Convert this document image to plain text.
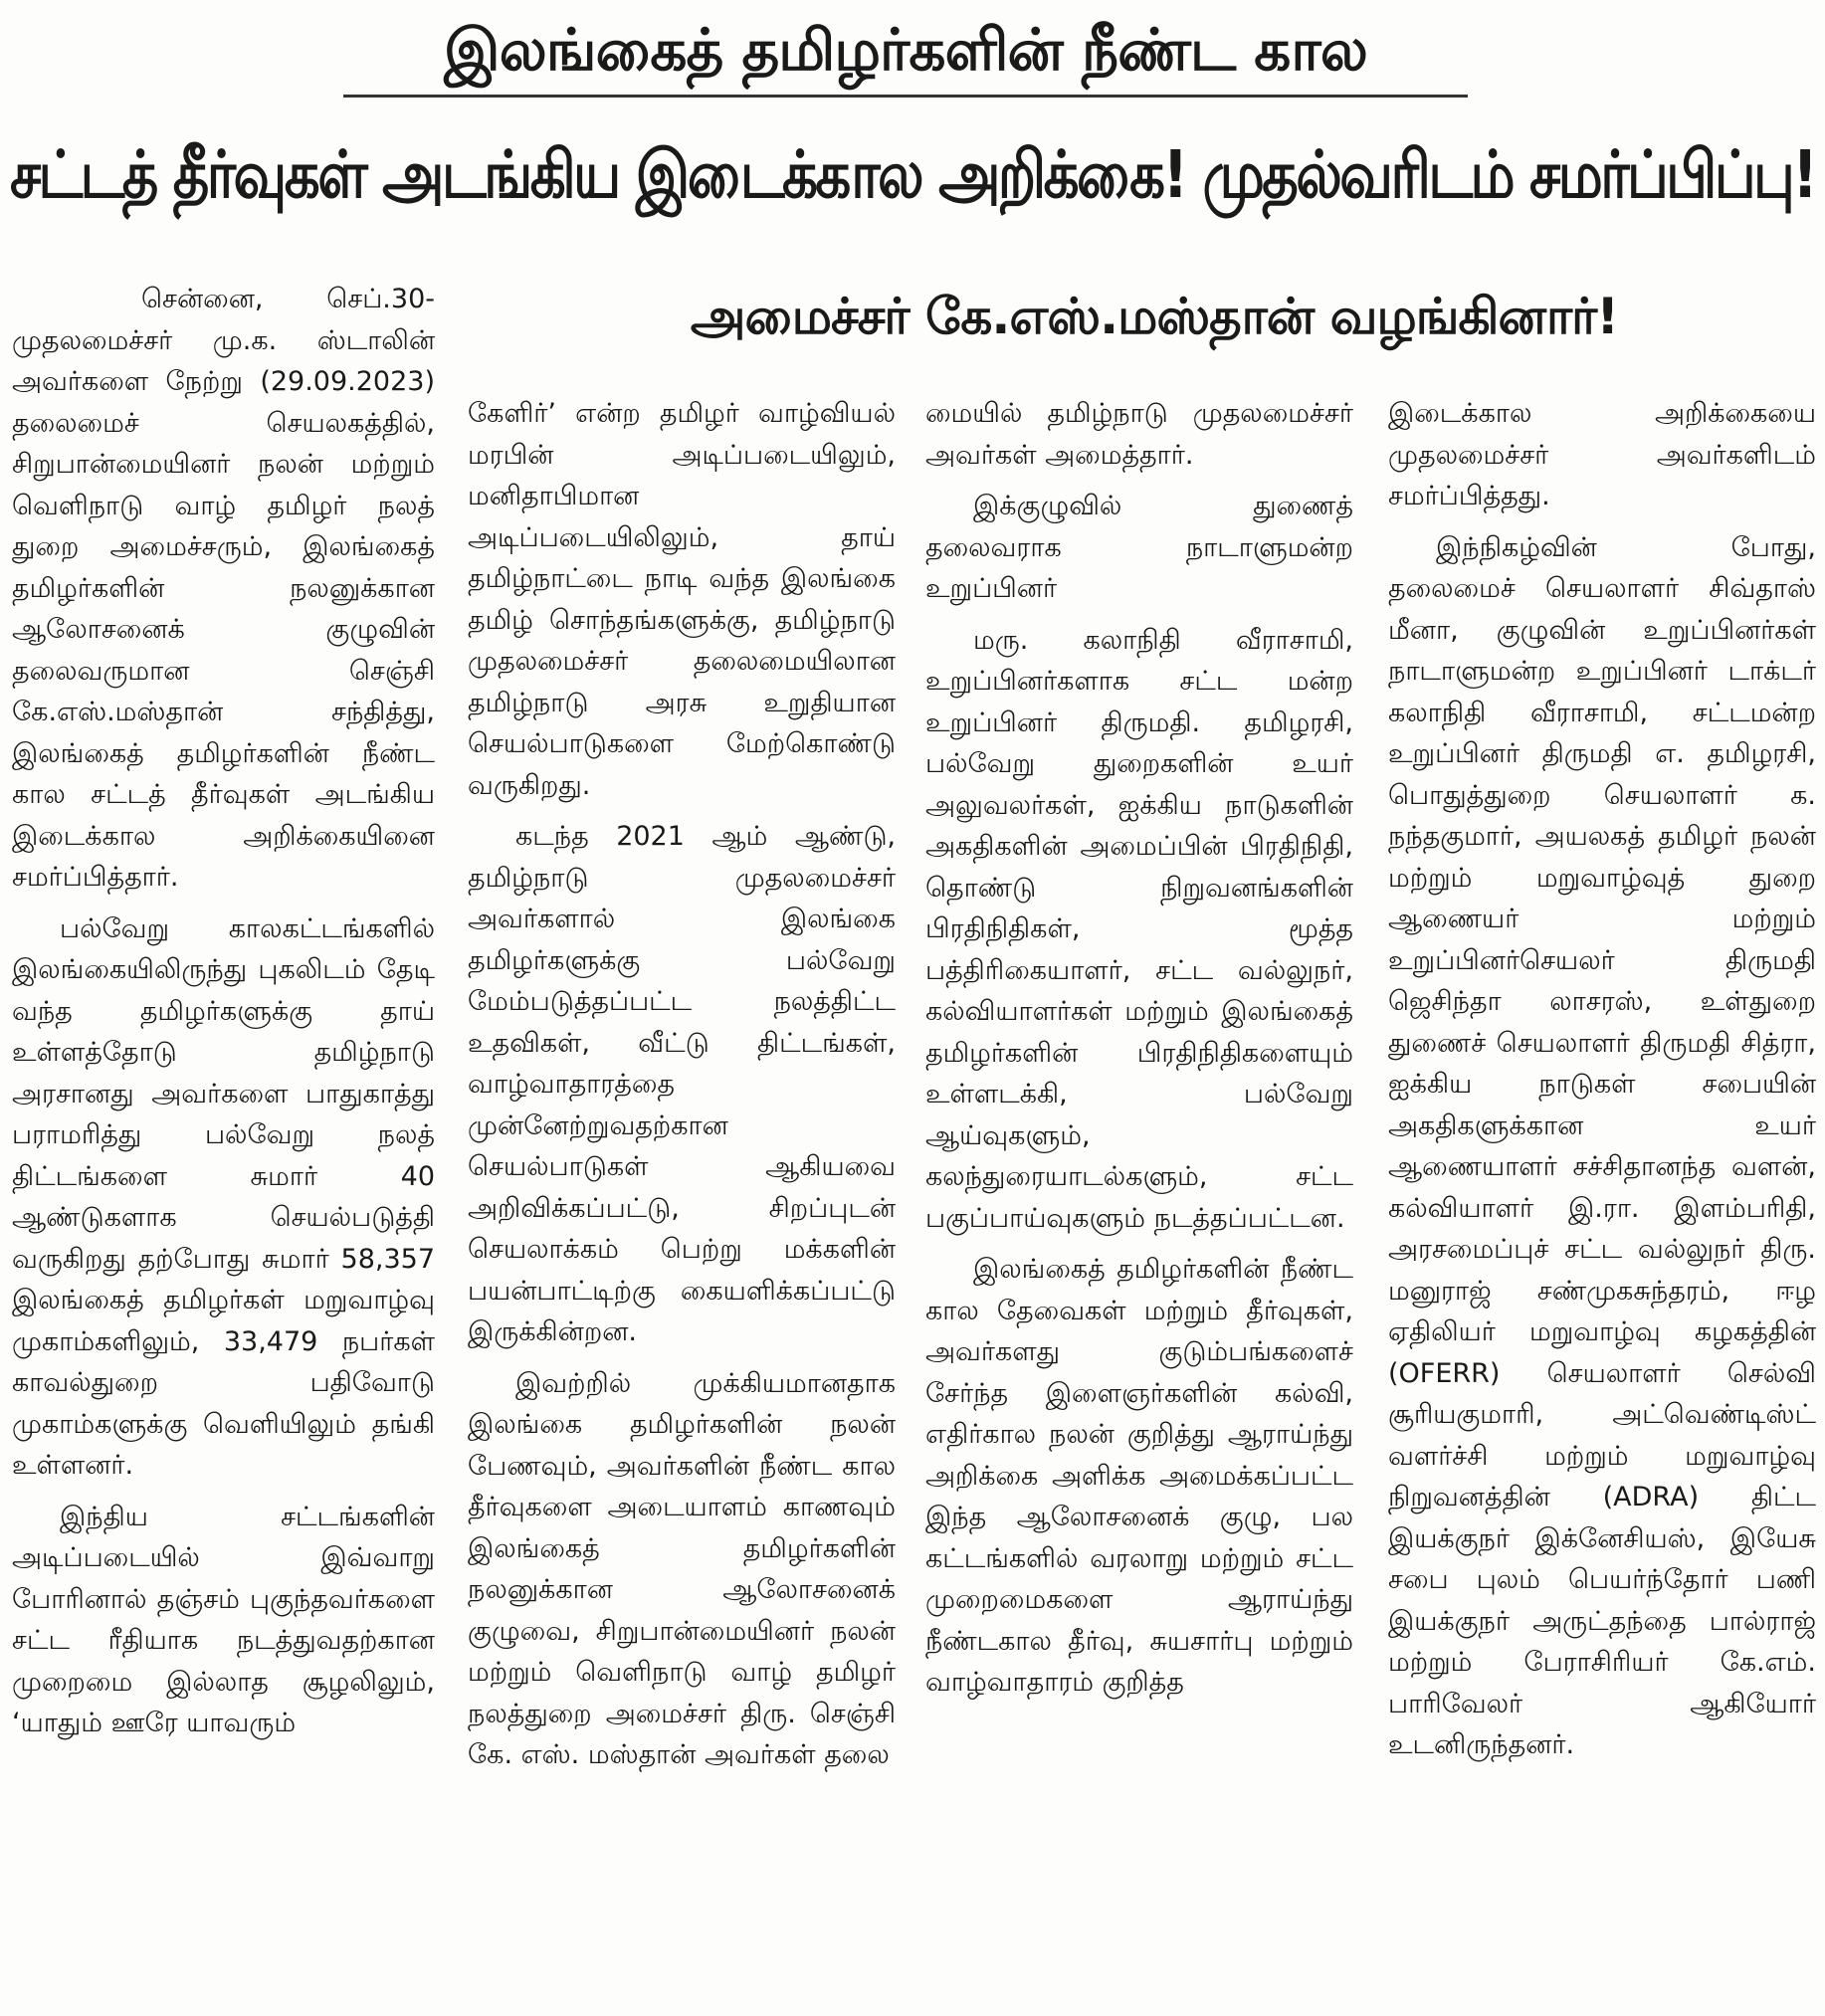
இலங்கைத் தமிழர்களின் நீண்ட கால
சட்டத் தீர்வுகள் அடங்கிய இடைக்கால அறிக்கை! முதல்வரிடம் சமர்ப்பிப்பு!
அமைச்சர் கே.எஸ்.மஸ்தான் வழங்கினார்!

சென்னை, செப்.30- முதலமைச்சர் மு.க. ஸ்டாலின் அவர்களை நேற்று (29.09.2023) தலைமைச் செயலகத்தில், சிறுபான்மையினர் நலன் மற்றும் வெளிநாடு வாழ் தமிழர் நலத் துறை அமைச்சரும், இலங்கைத் தமிழர்களின் நலனுக்கான ஆலோசனைக் குழுவின் தலைவருமான செஞ்சி கே.எஸ்.மஸ்தான் சந்தித்து, இலங்கைத் தமிழர்களின் நீண்ட கால சட்டத் தீர்வுகள் அடங்கிய இடைக்கால அறிக்கையினை சமர்ப்பித்தார்.

பல்வேறு காலகட்டங்களில் இலங்கையிலிருந்து புகலிடம் தேடி வந்த தமிழர்களுக்கு தாய் உள்ளத்தோடு தமிழ்நாடு அரசானது அவர்களை பாதுகாத்து பராமரித்து பல்வேறு நலத் திட்டங்களை சுமார் 40 ஆண்டுகளாக செயல்படுத்தி வருகிறது தற்போது சுமார் 58,357 இலங்கைத் தமிழர்கள் மறுவாழ்வு முகாம்களிலும், 33,479 நபர்கள் காவல்துறை பதிவோடு முகாம்களுக்கு வெளியிலும் தங்கி உள்ளனர்.

இந்திய சட்டங்களின் அடிப்படையில் இவ்வாறு போரினால் தஞ்சம் புகுந்தவர்களை சட்ட ரீதியாக நடத்துவதற்கான முறைமை இல்லாத சூழலிலும், ‘யாதும் ஊரே யாவரும்

கேளிர்’ என்ற தமிழர் வாழ்வியல் மரபின் அடிப்படையிலும், மனிதாபிமான அடிப்படையிலிலும், தாய் தமிழ்நாட்டை நாடி வந்த இலங்கை தமிழ் சொந்தங்களுக்கு, தமிழ்நாடு முதலமைச்சர் தலைமையிலான தமிழ்நாடு அரசு உறுதியான செயல்பாடுகளை மேற்கொண்டு வருகிறது.

கடந்த 2021 ஆம் ஆண்டு, தமிழ்நாடு முதலமைச்சர் அவர்களால் இலங்கை தமிழர்களுக்கு பல்வேறு மேம்படுத்தப்பட்ட நலத்திட்ட உதவிகள், வீட்டு திட்டங்கள், வாழ்வாதாரத்தை முன்னேற்றுவதற்கான செயல்பாடுகள் ஆகியவை அறிவிக்கப்பட்டு, சிறப்புடன் செயலாக்கம் பெற்று மக்களின் பயன்பாட்டிற்கு கையளிக்கப்பட்டு இருக்கின்றன.

இவற்றில் முக்கியமானதாக இலங்கை தமிழர்களின் நலன் பேணவும், அவர்களின் நீண்ட கால தீர்வுகளை அடையாளம் காணவும் இலங்கைத் தமிழர்களின் நலனுக்கான ஆலோசனைக் குழுவை, சிறுபான்மையினர் நலன் மற்றும் வெளிநாடு வாழ் தமிழர் நலத்துறை அமைச்சர் திரு. செஞ்சி கே. எஸ். மஸ்தான் அவர்கள் தலை

மையில் தமிழ்நாடு முதலமைச்சர் அவர்கள் அமைத்தார்.

இக்குழுவில் துணைத் தலைவராக நாடாளுமன்ற உறுப்பினர்

மரு. கலாநிதி வீராசாமி, உறுப்பினர்களாக சட்ட மன்ற உறுப்பினர் திருமதி. தமிழரசி, பல்வேறு துறைகளின் உயர் அலுவலர்கள், ஐக்கிய நாடுகளின் அகதிகளின் அமைப்பின் பிரதிநிதி, தொண்டு நிறுவனங்களின் பிரதிநிதிகள், மூத்த பத்திரிகையாளர், சட்ட வல்லுநர், கல்வியாளர்கள் மற்றும் இலங்கைத் தமிழர்களின் பிரதிநிதிகளையும் உள்ளடக்கி, பல்வேறு ஆய்வுகளும், கலந்துரையாடல்களும், சட்ட பகுப்பாய்வுகளும் நடத்தப்பட்டன.

இலங்கைத் தமிழர்களின் நீண்ட கால தேவைகள் மற்றும் தீர்வுகள், அவர்களது குடும்பங்களைச் சேர்ந்த இளைஞர்களின் கல்வி, எதிர்கால நலன் குறித்து ஆராய்ந்து அறிக்கை அளிக்க அமைக்கப்பட்ட இந்த ஆலோசனைக் குழு, பல கட்டங்களில் வரலாறு மற்றும் சட்ட முறைமைகளை ஆராய்ந்து நீண்டகால தீர்வு, சுயசார்பு மற்றும் வாழ்வாதாரம் குறித்த

இடைக்கால அறிக்கையை முதலமைச்சர் அவர்களிடம் சமர்ப்பித்தது.

இந்நிகழ்வின் போது, தலைமைச் செயலாளர் சிவ்தாஸ் மீனா, குழுவின் உறுப்பினர்கள் நாடாளுமன்ற உறுப்பினர் டாக்டர் கலாநிதி வீராசாமி, சட்டமன்ற உறுப்பினர் திருமதி எ. தமிழரசி, பொதுத்துறை செயலாளர் க. நந்தகுமார், அயலகத் தமிழர் நலன் மற்றும் மறுவாழ்வுத் துறை ஆணையர் மற்றும் உறுப்பினர்செயலர் திருமதி ஜெசிந்தா லாசரஸ், உள்துறை துணைச் செயலாளர் திருமதி சித்ரா, ஐக்கிய நாடுகள் சபையின் அகதிகளுக்கான உயர் ஆணையாளர் சச்சிதானந்த வளன், கல்வியாளர் இ.ரா. இளம்பரிதி, அரசமைப்புச் சட்ட வல்லுநர் திரு. மனுராஜ் சண்முகசுந்தரம், ஈழ ஏதிலியர் மறுவாழ்வு கழகத்தின் (OFERR) செயலாளர் செல்வி சூரியகுமாரி, அட்வெண்டிஸ்ட் வளர்ச்சி மற்றும் மறுவாழ்வு நிறுவனத்தின் (ADRA) திட்ட இயக்குநர் இக்னேசியஸ், இயேசு சபை புலம் பெயர்ந்தோர் பணி இயக்குநர் அருட்தந்தை பால்ராஜ் மற்றும் பேராசிரியர் கே.எம். பாரிவேலர் ஆகியோர் உடனிருந்தனர்.
